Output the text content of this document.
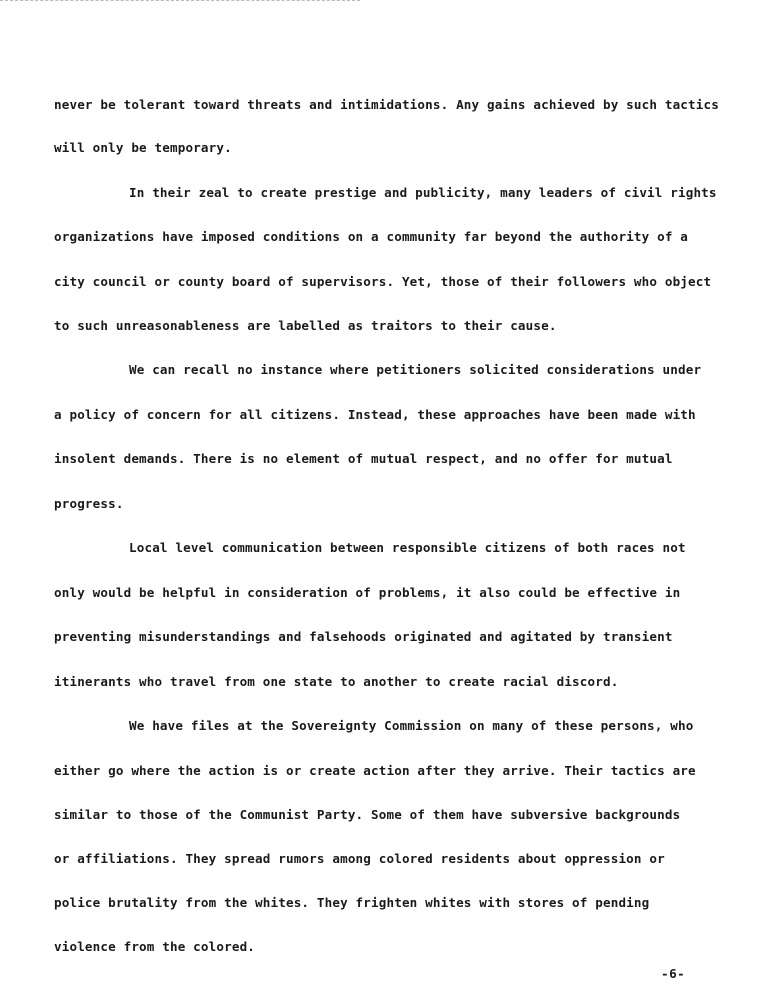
never be tolerant toward threats and intimidations. Any gains achieved by such tactics
will only be temporary.
In their zeal to create prestige and publicity, many leaders of civil rights
organizations have imposed conditions on a community far beyond the authority of a
city council or county board of supervisors. Yet, those of their followers who object
to such unreasonableness are labelled as traitors to their cause.
We can recall no instance where petitioners solicited considerations under
a policy of concern for all citizens. Instead, these approaches have been made with
insolent demands. There is no element of mutual respect, and no offer for mutual
progress.
Local level communication between responsible citizens of both races not
only would be helpful in consideration of problems, it also could be effective in
preventing misunderstandings and falsehoods originated and agitated by transient
itinerants who travel from one state to another to create racial discord.
We have files at the Sovereignty Commission on many of these persons, who
either go where the action is or create action after they arrive. Their tactics are
similar to those of the Communist Party. Some of them have subversive backgrounds
or affiliations. They spread rumors among colored residents about oppression or
police brutality from the whites. They frighten whites with stores of pending
violence from the colored.
-6-
